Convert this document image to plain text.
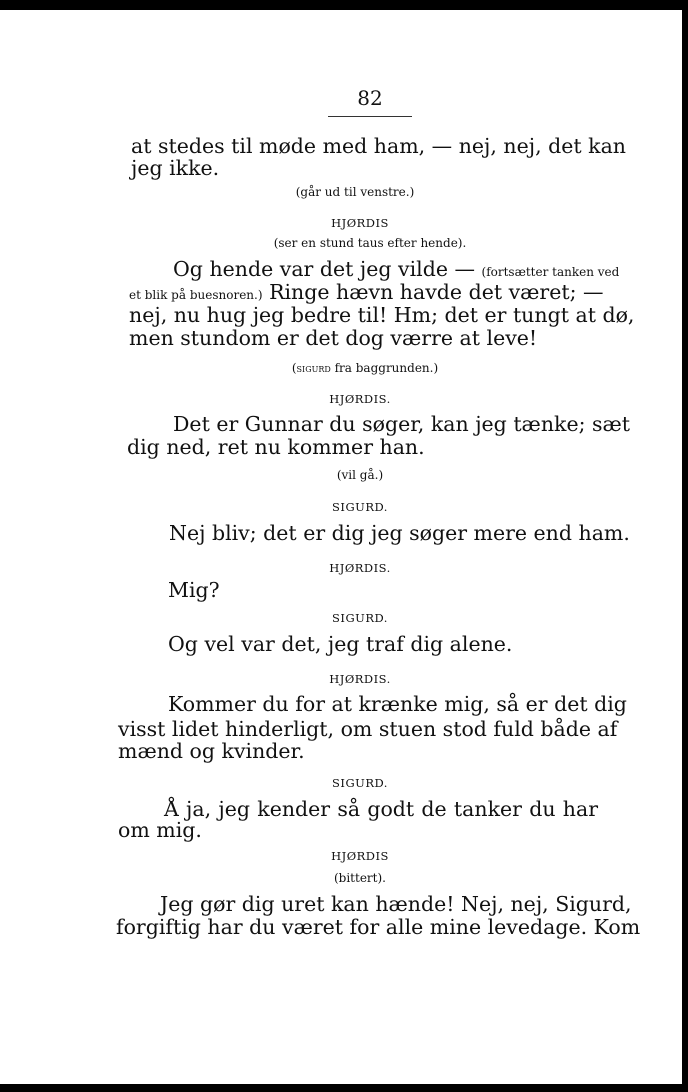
82
at stedes til møde med ham, — nej, nej, det kan
jeg ikke.
(går ud til venstre.)
HJØRDIS
(ser en stund taus efter hende).
Og hende var det jeg vilde — (fortsætter tanken ved
et blik på buesnoren.) Ringe hævn havde det været; —
nej, nu hug jeg bedre til! Hm; det er tungt at dø,
men stundom er det dog værre at leve!
(sigurd fra baggrunden.)
HJØRDIS.
Det er Gunnar du søger, kan jeg tænke; sæt
dig ned, ret nu kommer han.
(vil gå.)
SIGURD.
Nej bliv; det er dig jeg søger mere end ham.
HJØRDIS.
Mig?
SIGURD.
Og vel var det, jeg traf dig alene.
HJØRDIS.
Kommer du for at krænke mig, så er det dig
visst lidet hinderligt, om stuen stod fuld både af
mænd og kvinder.
SIGURD.
Å ja, jeg kender så godt de tanker du har
om mig.
HJØRDIS
(bittert).
Jeg gør dig uret kan hænde! Nej, nej, Sigurd,
forgiftig har du været for alle mine levedage. Kom
